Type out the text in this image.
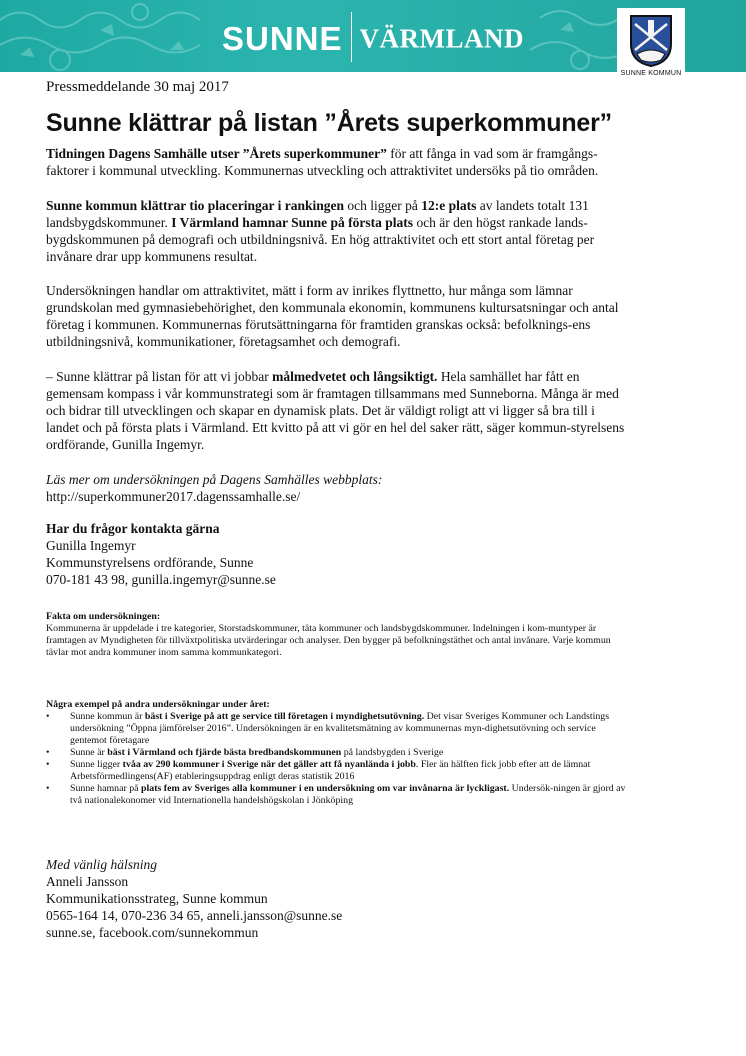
SUNNE VÄRMLAND
SUNNE KOMMUN

Pressmeddelande 30 maj 2017

Sunne klättrar på listan ”Årets superkommuner”

Tidningen Dagens Samhälle utser ”Årets superkommuner” för att fånga in vad som är framgångs-faktorer i kommunal utveckling. Kommunernas utveckling och attraktivitet undersöks på tio områden.

Sunne kommun klättrar tio placeringar i rankingen och ligger på 12:e plats av landets totalt 131 landsbygdskommuner. I Värmland hamnar Sunne på första plats och är den högst rankade lands-bygdskommunen på demografi och utbildningsnivå. En hög attraktivitet och ett stort antal företag per invånare drar upp kommunens resultat.

Undersökningen handlar om attraktivitet, mätt i form av inrikes flyttnetto, hur många som lämnar grundskolan med gymnasiebehörighet, den kommunala ekonomin, kommunens kultursatsningar och antal företag i kommunen. Kommunernas förutsättningarna för framtiden granskas också: befolknings-ens utbildningsnivå, kommunikationer, företagsamhet och demografi.

– Sunne klättrar på listan för att vi jobbar målmedvetet och långsiktigt. Hela samhället har fått en gemensam kompass i vår kommunstrategi som är framtagen tillsammans med Sunneborna. Många är med och bidrar till utvecklingen och skapar en dynamisk plats. Det är väldigt roligt att vi ligger så bra till i landet och på första plats i Värmland. Ett kvitto på att vi gör en hel del saker rätt, säger kommun-styrelsens ordförande, Gunilla Ingemyr.

Läs mer om undersökningen på Dagens Samhälles webbplats:
http://superkommuner2017.dagenssamhalle.se/

Har du frågor kontakta gärna
Gunilla Ingemyr
Kommunstyrelsens ordförande, Sunne
070-181 43 98, gunilla.ingemyr@sunne.se

Fakta om undersökningen:

Kommunerna är uppdelade i tre kategorier, Storstadskommuner, täta kommuner och landsbygdskommuner. Indelningen i kom-muntyper är framtagen av Myndigheten för tillväxtpolitiska utvärderingar och analyser. Den bygger på befolkningstäthet och antal invånare. Varje kommun tävlar mot andra kommuner inom samma kommunkategori.

Några exempel på andra undersökningar under året:

• Sunne kommun är bäst i Sverige på att ge service till företagen i myndighetsutövning. Det visar Sveriges Kommuner och Landstings undersökning ”Öppna jämförelser 2016”. Undersökningen är en kvalitetsmätning av kommunernas myn-dighetsutövning och service gentemot företagare
• Sunne är bäst i Värmland och fjärde bästa bredbandskommunen på landsbygden i Sverige
• Sunne ligger tvåa av 290 kommuner i Sverige när det gäller att få nyanlända i jobb. Fler än hälften fick jobb efter att de lämnat Arbetsförmedlingens(AF) etableringsuppdrag enligt deras statistik 2016
• Sunne hamnar på plats fem av Sveriges alla kommuner i en undersökning om var invånarna är lyckligast. Undersök-ningen är gjord av två nationalekonomer vid Internationella handelshögskolan i Jönköping

Med vänlig hälsning

Anneli Jansson

Kommunikationsstrateg, Sunne kommun

0565-164 14, 070-236 34 65, anneli.jansson@sunne.se

sunne.se, facebook.com/sunnekommun
